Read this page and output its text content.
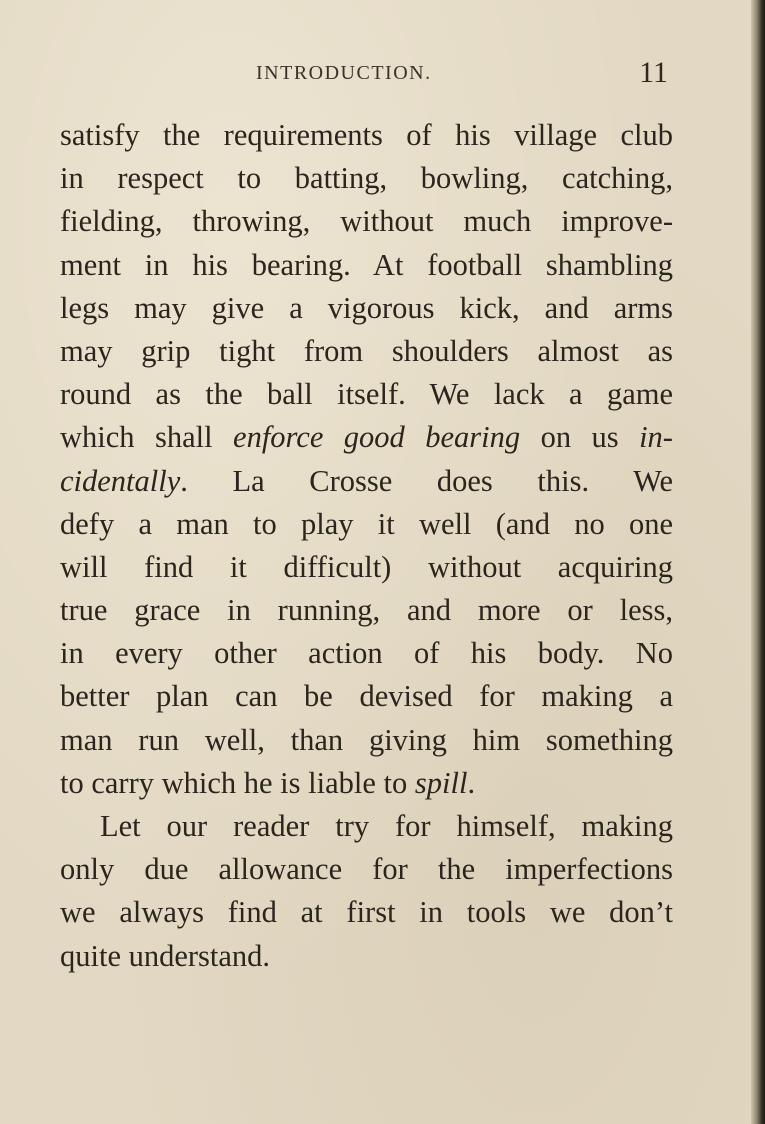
INTRODUCTION.	11
satisfy the requirements of his village club
in respect to batting, bowling, catching,
fielding, throwing, without much improve-
ment in his bearing. At football shambling
legs may give a vigorous kick, and arms
may grip tight from shoulders almost as
round as the ball itself. We lack a game
which shall enforce good bearing on us in-
cidentally. La Crosse does this. We
defy a man to play it well (and no one
will find it difficult) without acquiring
true grace in running, and more or less,
in every other action of his body. No
better plan can be devised for making a
man run well, than giving him something
to carry which he is liable to spill.
Let our reader try for himself, making
only due allowance for the imperfections
we always find at first in tools we don’t
quite understand.
